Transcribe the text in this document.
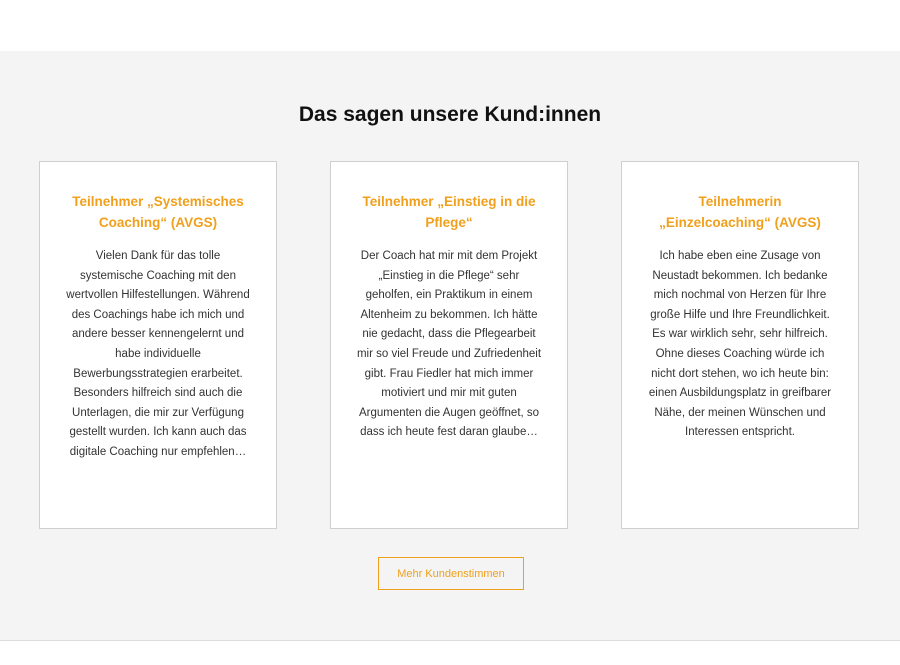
Das sagen unsere Kund:innen
Teilnehmer „Systemisches Coaching“ (AVGS)
Vielen Dank für das tolle systemische Coaching mit den wertvollen Hilfestellungen. Während des Coachings habe ich mich und andere besser kennengelernt und habe individuelle Bewerbungsstrategien erarbeitet. Besonders hilfreich sind auch die Unterlagen, die mir zur Verfügung gestellt wurden. Ich kann auch das digitale Coaching nur empfehlen…
Teilnehmer „Einstieg in die Pflege“
Der Coach hat mir mit dem Projekt „Einstieg in die Pflege“ sehr geholfen, ein Praktikum in einem Altenheim zu bekommen. Ich hätte nie gedacht, dass die Pflegearbeit mir so viel Freude und Zufriedenheit gibt. Frau Fiedler hat mich immer motiviert und mir mit guten Argumenten die Augen geöffnet, so dass ich heute fest daran glaube…
Teilnehmerin „Einzelcoaching“ (AVGS)
Ich habe eben eine Zusage von Neustadt bekommen. Ich bedanke mich nochmal von Herzen für Ihre große Hilfe und Ihre Freundlichkeit. Es war wirklich sehr, sehr hilfreich. Ohne dieses Coaching würde ich nicht dort stehen, wo ich heute bin: einen Ausbildungsplatz in greifbarer Nähe, der meinen Wünschen und Interessen entspricht.
Mehr Kundenstimmen
